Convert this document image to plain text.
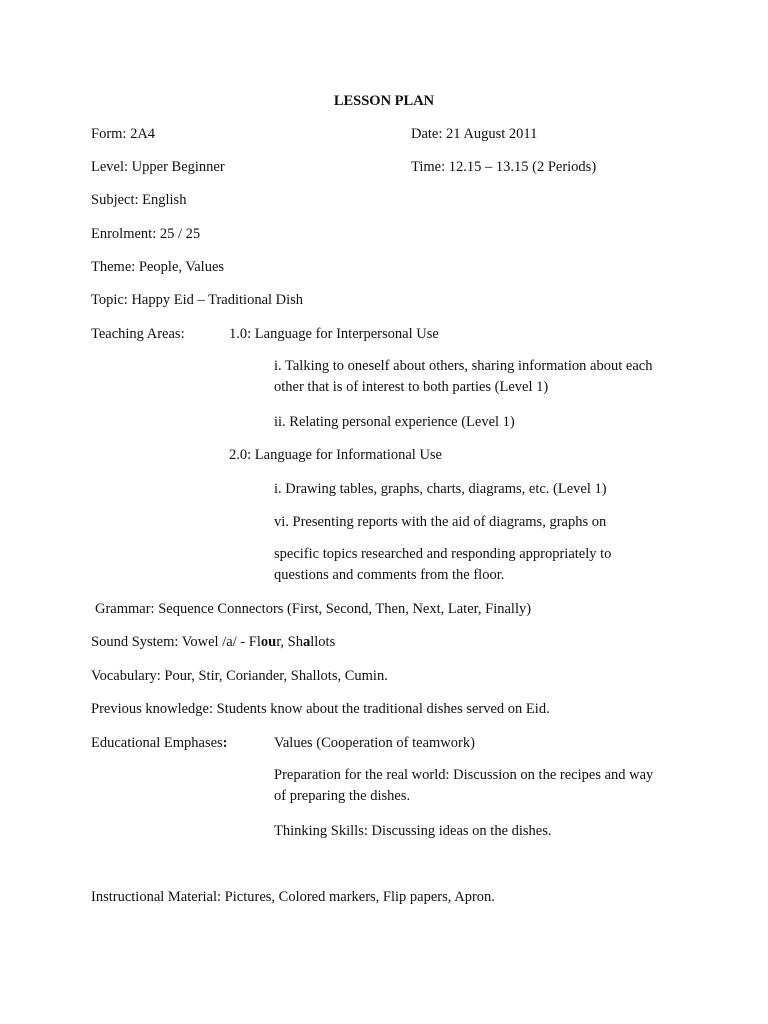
LESSON PLAN
Form: 2A4	Date: 21 August 2011
Level: Upper Beginner	Time: 12.15 – 13.15 (2 Periods)
Subject: English
Enrolment: 25 / 25
Theme: People, Values
Topic: Happy Eid – Traditional Dish
Teaching Areas:	1.0: Language for Interpersonal Use
i. Talking to oneself about others, sharing information about each other that is of interest to both parties (Level 1)
ii. Relating personal experience (Level 1)
2.0: Language for Informational Use
i. Drawing tables, graphs, charts, diagrams, etc. (Level 1)
vi. Presenting reports with the aid of diagrams, graphs on
specific topics researched and responding appropriately to questions and comments from the floor.
Grammar: Sequence Connectors (First, Second, Then, Next, Later, Finally)
Sound System: Vowel /a/ - Flour, Shallots
Vocabulary: Pour, Stir, Coriander, Shallots, Cumin.
Previous knowledge: Students know about the traditional dishes served on Eid.
Educational Emphases:	Values (Cooperation of teamwork)
Preparation for the real world: Discussion on the recipes and way of preparing the dishes.
Thinking Skills: Discussing ideas on the dishes.
Instructional Material: Pictures, Colored markers, Flip papers, Apron.
